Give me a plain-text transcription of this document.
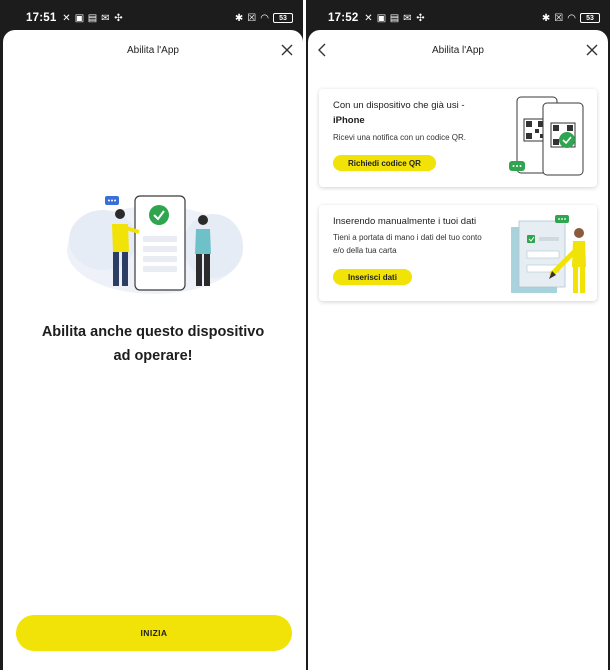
17:51 ✕ ▣ ▤ ✉ ✣	✱ ☒ ◠	53
Abilita l'App
Abilita anche questo dispositivo ad operare!
INIZIA
17:52 ✕ ▣ ▤ ✉ ✣	✱ ☒ ◠	53
Abilita l'App
Con un dispositivo che già usi - iPhone
Ricevi una notifica con un codice QR.
Richiedi codice QR
Inserendo manualmente i tuoi dati
Tieni a portata di mano i dati del tuo conto e/o della tua carta
Inserisci dati
